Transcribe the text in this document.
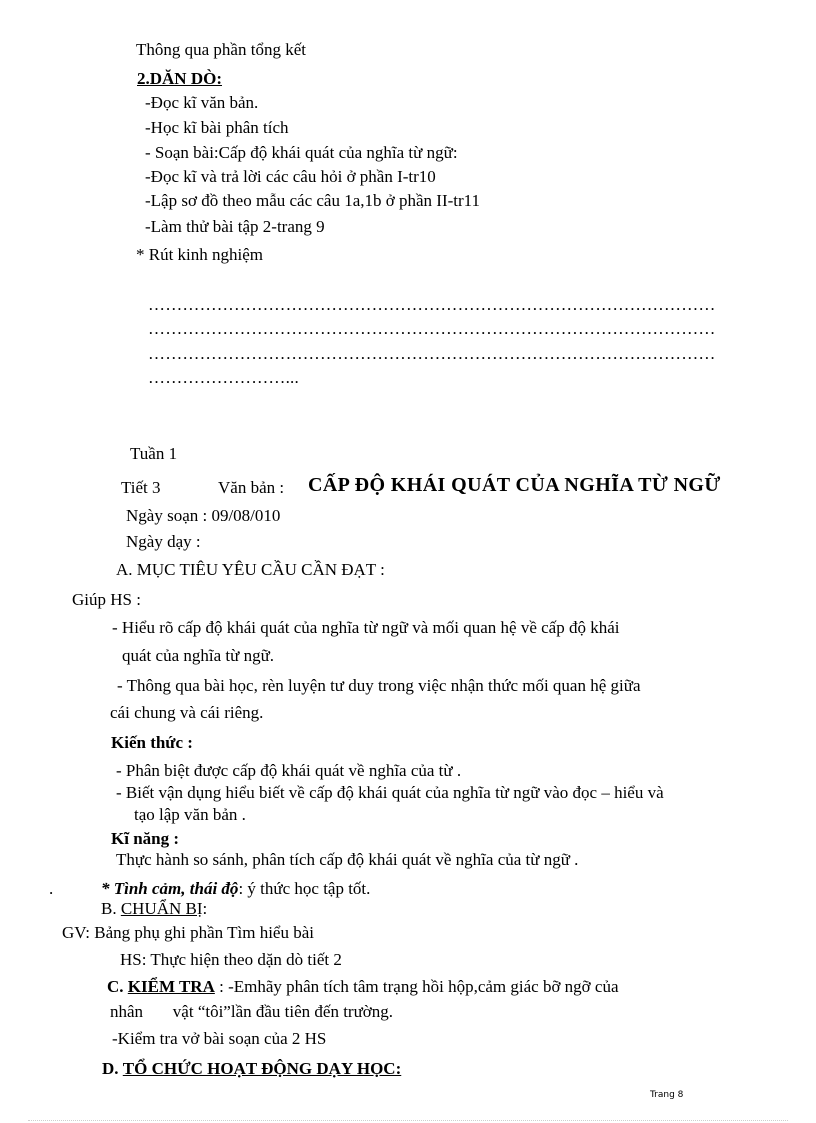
Thông qua phần tổng kết
2.DĂN DÒ:
-Đọc kĩ văn bản.
-Học kĩ bài phân tích
- Soạn bài:Cấp độ khái quát của nghĩa từ ngữ:
-Đọc kĩ và trả lời các câu hỏi ở phần I-tr10
-Lập sơ đồ theo mẫu các câu 1a,1b ở phần II-tr11
-Làm thử bài tập 2-trang 9
* Rút kinh nghiệm
………………………………………………………………………………………
………………………………………………………………………………………
………………………………………………………………………………………
……………………...
Tuần 1
Tiết 3	Văn bản : CẤP ĐỘ KHÁI QUÁT CỦA NGHĨA TỪ NGỮ
Ngày soạn : 09/08/010
Ngày dạy :
A. MỤC TIÊU YÊU CẦU CẦN ĐẠT :
Giúp HS :
- Hiểu rõ cấp độ khái quát của nghĩa từ ngữ và mối quan hệ về cấp độ khái
quát của nghĩa từ ngữ.
- Thông qua bài học, rèn luyện tư duy trong việc nhận thức mối quan hệ giữa
cái chung và cái riêng.
Kiến thức :
- Phân biệt được cấp độ khái quát về nghĩa của từ .
- Biết vận dụng hiểu biết về cấp độ khái quát của nghĩa từ ngữ vào đọc – hiểu và
tạo lập văn bản .
Kĩ năng :
Thực hành so sánh, phân tích cấp độ khái quát về nghĩa của từ ngữ .
.	* Tình cảm, thái độ: ý thức học tập tốt.
B. CHUẨN BỊ:
GV: Bảng phụ ghi phần Tìm hiểu bài
HS: Thực hiện theo dặn dò tiết 2
C. KIỂM TRA : -Emhãy phân tích tâm trạng hồi hộp,cảm giác bỡ ngỡ của
nhân       vật “tôi”lần đầu tiên đến trường.
-Kiểm tra vở bài soạn của 2 HS
D. TỔ CHỨC HOẠT ĐỘNG DẠY HỌC:
Trang 8
